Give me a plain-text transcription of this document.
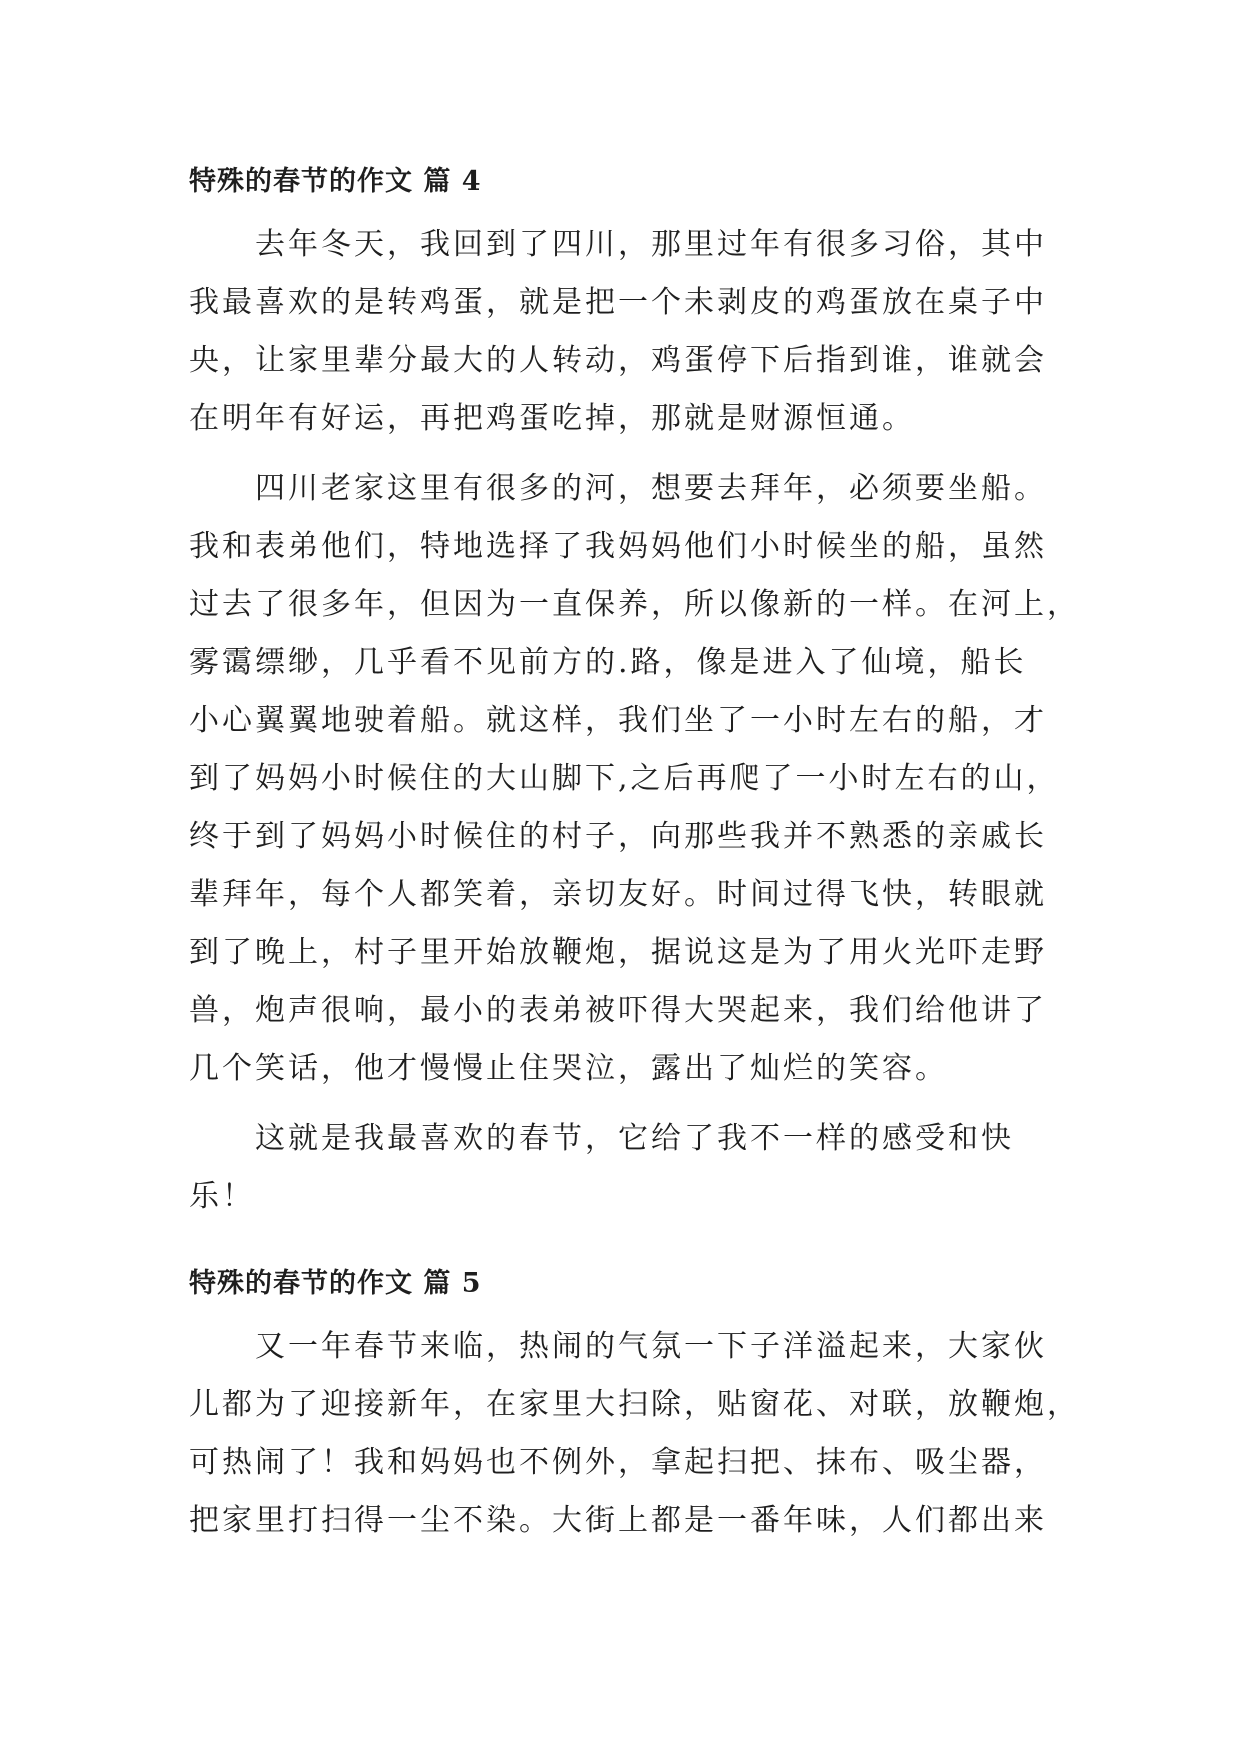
特殊的春节的作文 篇 4
去年冬天，我回到了四川，那里过年有很多习俗，其中
我最喜欢的是转鸡蛋，就是把一个未剥皮的鸡蛋放在桌子中
央，让家里辈分最大的人转动，鸡蛋停下后指到谁，谁就会
在明年有好运，再把鸡蛋吃掉，那就是财源恒通。
四川老家这里有很多的河，想要去拜年，必须要坐船。
我和表弟他们，特地选择了我妈妈他们小时候坐的船，虽然
过去了很多年，但因为一直保养，所以像新的一样。在河上，
雾霭缥缈，几乎看不见前方的.路，像是进入了仙境，船长
小心翼翼地驶着船。就这样，我们坐了一小时左右的船，才
到了妈妈小时候住的大山脚下,之后再爬了一小时左右的山，
终于到了妈妈小时候住的村子，向那些我并不熟悉的亲戚长
辈拜年，每个人都笑着，亲切友好。时间过得飞快，转眼就
到了晚上，村子里开始放鞭炮，据说这是为了用火光吓走野
兽，炮声很响，最小的表弟被吓得大哭起来，我们给他讲了
几个笑话，他才慢慢止住哭泣，露出了灿烂的笑容。
这就是我最喜欢的春节，它给了我不一样的感受和快
乐！
特殊的春节的作文 篇 5
又一年春节来临，热闹的气氛一下子洋溢起来，大家伙
儿都为了迎接新年，在家里大扫除，贴窗花、对联，放鞭炮，
可热闹了！我和妈妈也不例外，拿起扫把、抹布、吸尘器，
把家里打扫得一尘不染。大街上都是一番年味，人们都出来
